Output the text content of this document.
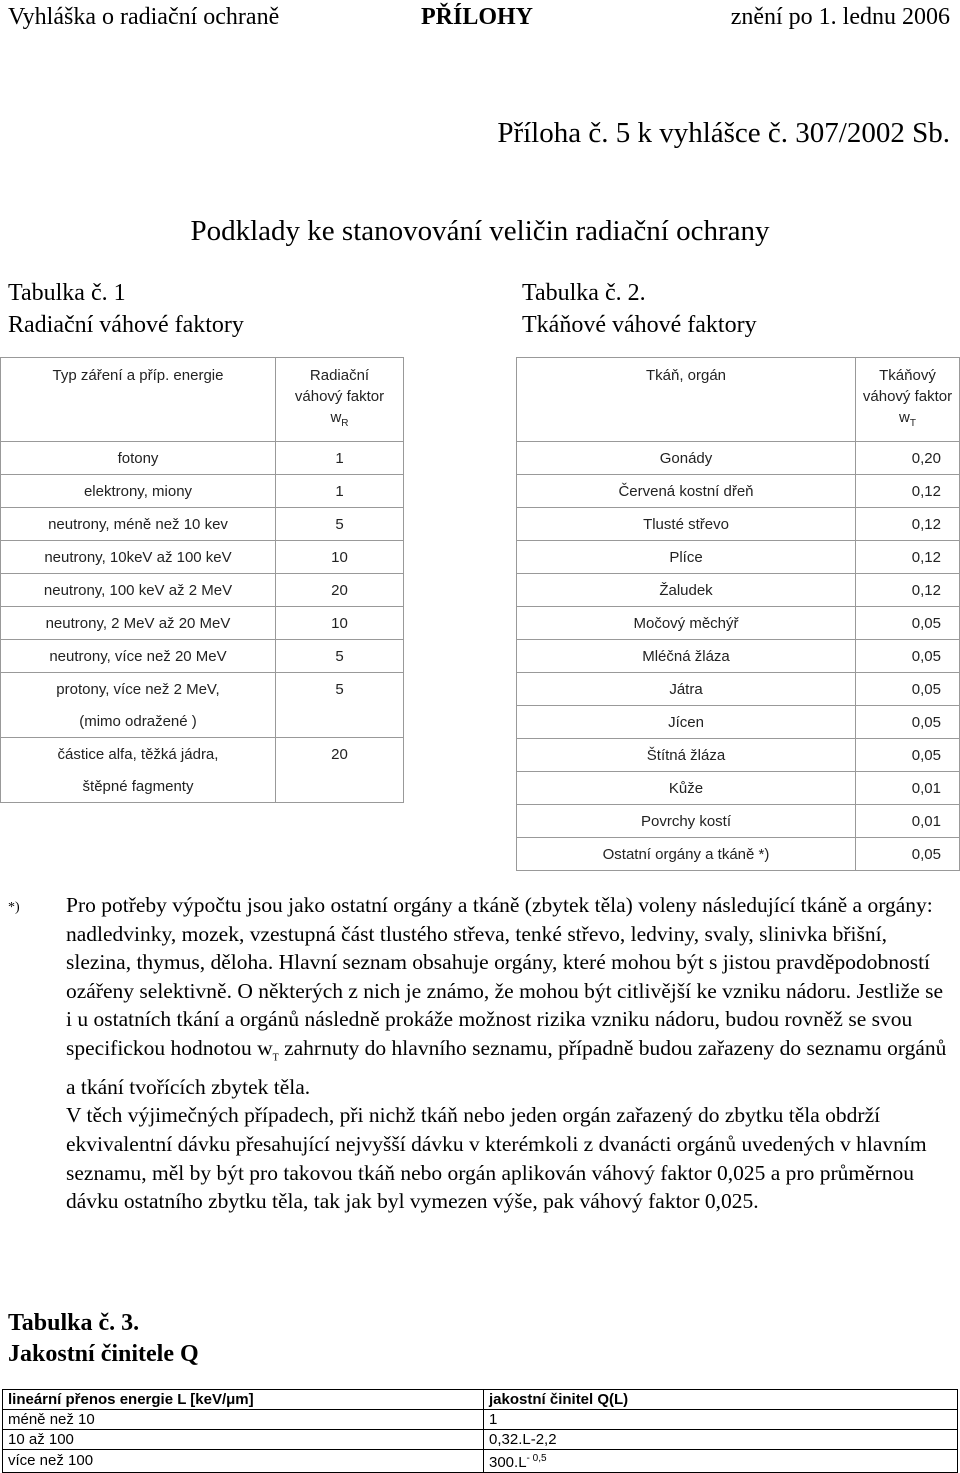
Vyhláška o radiační ochraně	PŘÍLOHY	znění po 1. lednu 2006
Příloha č. 5 k vyhlášce č. 307/2002 Sb.
Podklady ke stanovování veličin radiační ochrany
Tabulka č. 1
Radiační váhové faktory
Tabulka č. 2.
Tkáňové váhové faktory
Typ záření a příp. energie	Radiační
váhový faktor
$w_R$
fotony	1
elektrony, miony	1
neutrony, méně než 10 kev	5
neutrony, 10keV až 100 keV	10
neutrony, 100 keV až 2 MeV	20
neutrony, 2 MeV až 20 MeV	10
neutrony, více než 20 MeV	5
protony, více než 2 MeV,	5
(mimo odražené )	
částice alfa, těžká jádra,	20
štěpné fagmenty	
Tkáň, orgán	Tkáňový
váhový faktor
$w_T$
Gonády	0,20
Červená kostní dřeň	0,12
Tlusté střevo	0,12
Plíce	0,12
Žaludek	0,12
Močový měchýř	0,05
Mléčná žláza	0,05
Játra	0,05
Jícen	0,05
Štítná žláza	0,05
Kůže	0,01
Povrchy kostí	0,01
Ostatní orgány a tkáně *)	0,05
*) Pro potřeby výpočtu jsou jako ostatní orgány a tkáně (zbytek těla) voleny následující tkáně a orgány: nadledvinky, mozek, vzestupná část tlustého střeva, tenké střevo, ledviny, svaly, slinivka břišní, slezina, thymus, děloha. Hlavní seznam obsahuje orgány, které mohou být s jistou pravděpodobností ozářeny selektivně. O některých z nich je známo, že mohou být citlivější ke vzniku nádoru. Jestliže se i u ostatních tkání a orgánů následně prokáže možnost rizika vzniku nádoru, budou rovněž se svou specifickou hodnotou $w_T$ zahrnuty do hlavního seznamu, případně budou zařazeny do seznamu orgánů a tkání tvořících zbytek těla.

V těch výjimečných případech, při nichž tkáň nebo jeden orgán zařazený do zbytku těla obdrží ekvivalentní dávku přesahující nejvyšší dávku v kterémkoli z dvanácti orgánů uvedených v hlavním seznamu, měl by být pro takovou tkáň nebo orgán aplikován váhový faktor 0,025 a pro průměrnou dávku ostatního zbytku těla, tak jak byl vymezen výše, pak váhový faktor 0,025.

Tabulka č. 3.
Jakostní činitele Q
lineární přenos energie L [keV/μm]	jakostní činitel Q(L)
méně než 10	1
10 až 100	0,32.L-2,2
více než 100	$300.L^{- 0,5}$
